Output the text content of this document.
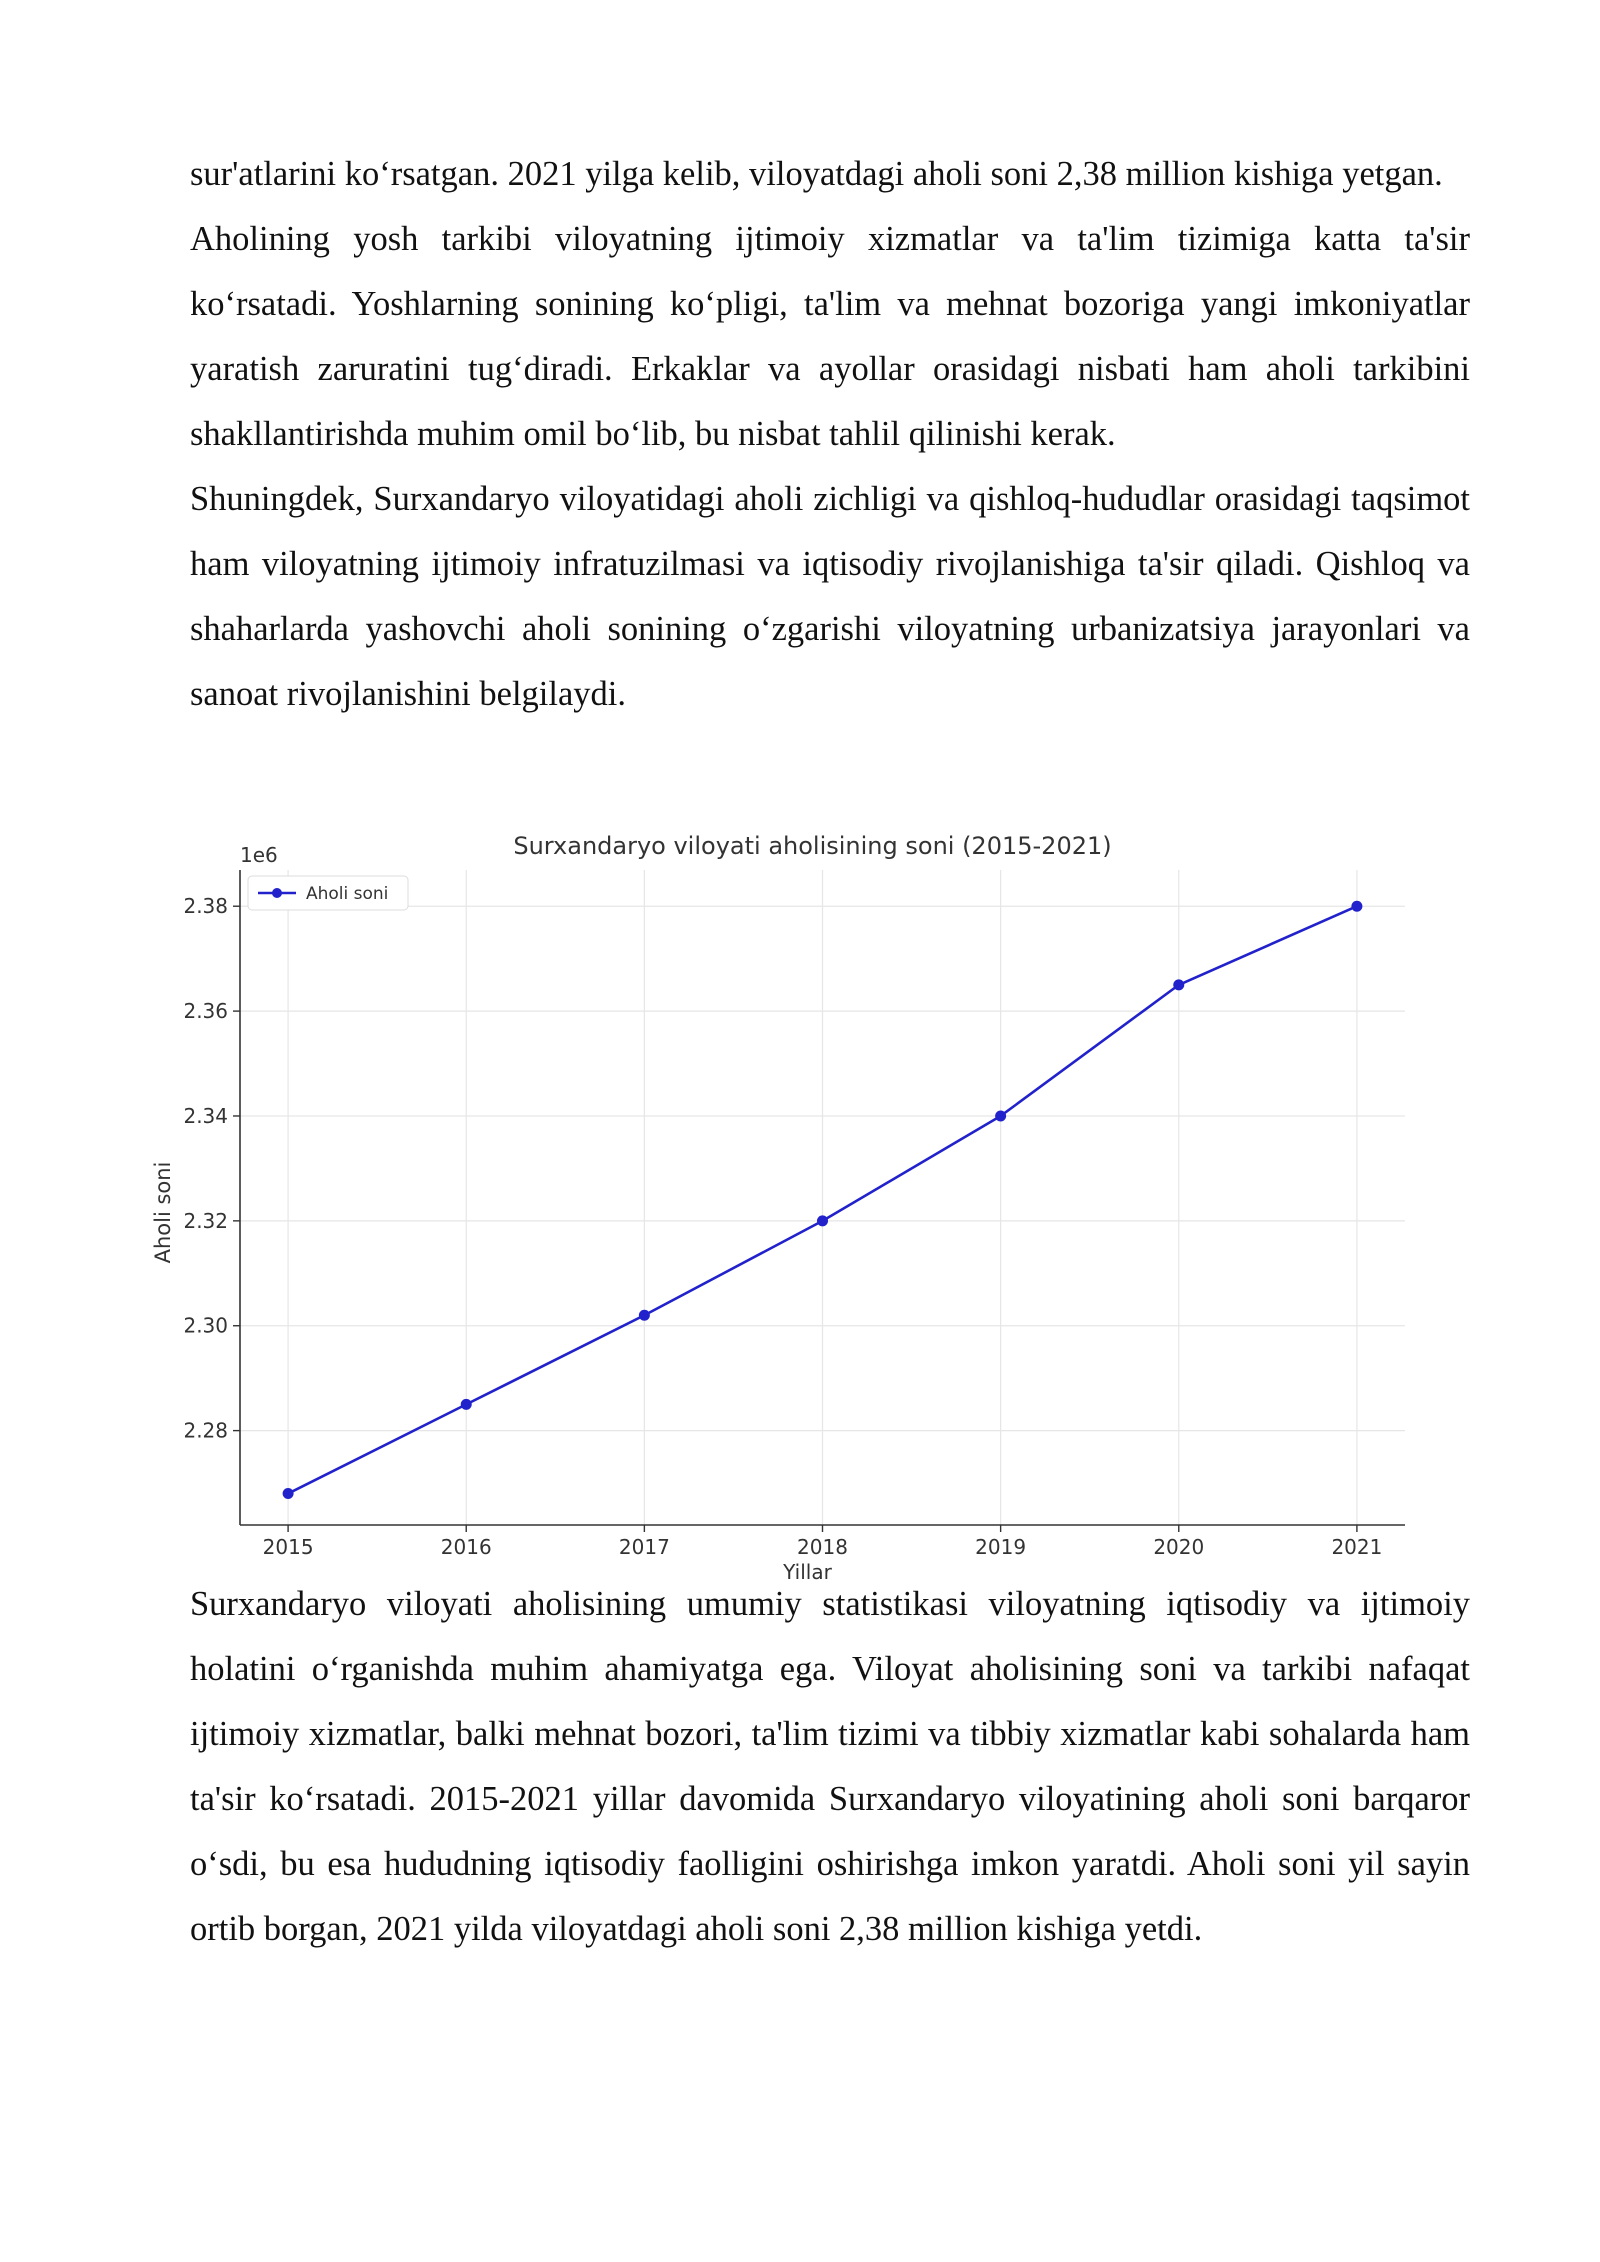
sur'atlarini ko‘rsatgan. 2021 yilga kelib, viloyatdagi aholi soni 2,38 million kishiga yetgan.

Aholining yosh tarkibi viloyatning ijtimoiy xizmatlar va ta'lim tizimiga katta ta'sir ko‘rsatadi. Yoshlarning sonining ko‘pligi, ta'lim va mehnat bozoriga yangi imkoniyatlar yaratish zaruratini tug‘diradi. Erkaklar va ayollar orasidagi nisbati ham aholi tarkibini shakllantirishda muhim omil bo‘lib, bu nisbat tahlil qilinishi kerak.

Shuningdek, Surxandaryo viloyatidagi aholi zichligi va qishloq-hududlar orasidagi taqsimot ham viloyatning ijtimoiy infratuzilmasi va iqtisodiy rivojlanishiga ta'sir qiladi. Qishloq va shaharlarda yashovchi aholi sonining o‘zgarishi viloyatning urbanizatsiya jarayonlari va sanoat rivojlanishini belgilaydi.

2015	2016	2017	2018	2019	2020	2021
2.28
2.30
2.32
2.34
2.36
2.38
Aholi soni
Surxandaryo viloyati aholisining soni (2015-2021)
1e6
Yillar
Aholi soni

Surxandaryo viloyati aholisining umumiy statistikasi viloyatning iqtisodiy va ijtimoiy holatini o‘rganishda muhim ahamiyatga ega. Viloyat aholisining soni va tarkibi nafaqat ijtimoiy xizmatlar, balki mehnat bozori, ta'lim tizimi va tibbiy xizmatlar kabi sohalarda ham ta'sir ko‘rsatadi. 2015-2021 yillar davomida Surxandaryo viloyatining aholi soni barqaror o‘sdi, bu esa hududning iqtisodiy faolligini oshirishga imkon yaratdi. Aholi soni yil sayin ortib borgan, 2021 yilda viloyatdagi aholi soni 2,38 million kishiga yetdi.
